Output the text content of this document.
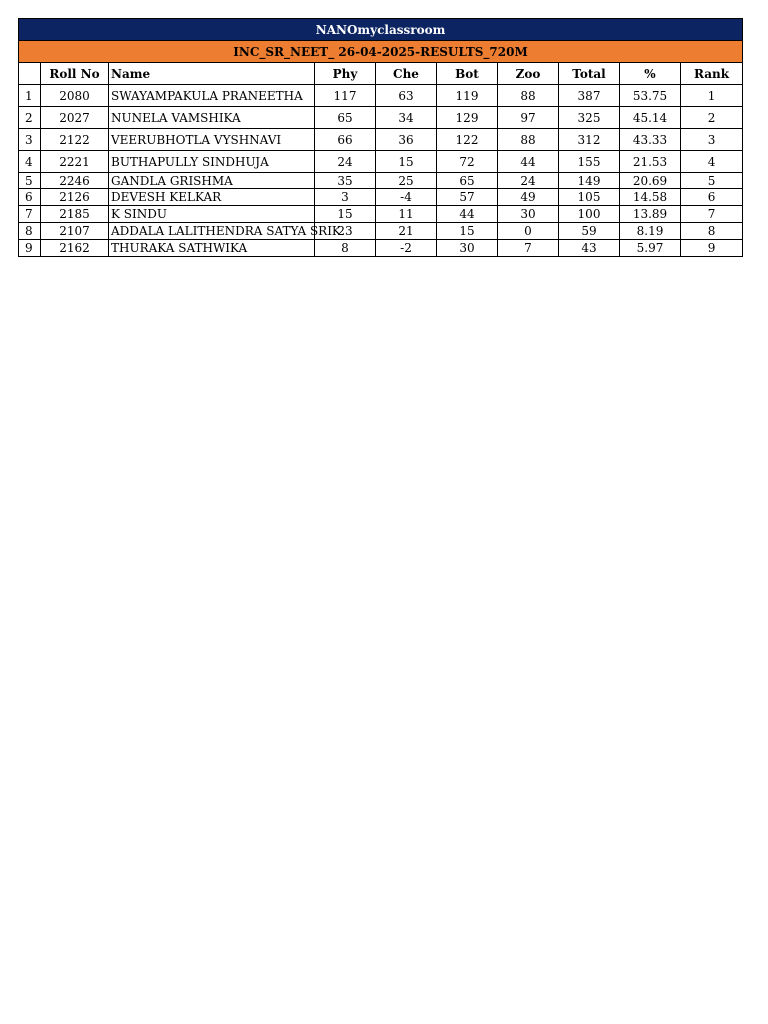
NANOmyclassroom									
INC_SR_NEET_ 26-04-2025-RESULTS_720M									
	Roll No	Name	Phy	Che	Bot	Zoo	Total	%	Rank
1	2080	SWAYAMPAKULA PRANEETHA	117	63	119	88	387	53.75	1
2	2027	NUNELA VAMSHIKA	65	34	129	97	325	45.14	2
3	2122	VEERUBHOTLA VYSHNAVI	66	36	122	88	312	43.33	3
4	2221	BUTHAPULLY SINDHUJA	24	15	72	44	155	21.53	4
5	2246	GANDLA GRISHMA	35	25	65	24	149	20.69	5
6	2126	DEVESH KELKAR	3	-4	57	49	105	14.58	6
7	2185	K SINDU	15	11	44	30	100	13.89	7
8	2107	ADDALA LALITHENDRA SATYA SRIK	23	21	15	0	59	8.19	8
9	2162	THURAKA SATHWIKA	8	-2	30	7	43	5.97	9
